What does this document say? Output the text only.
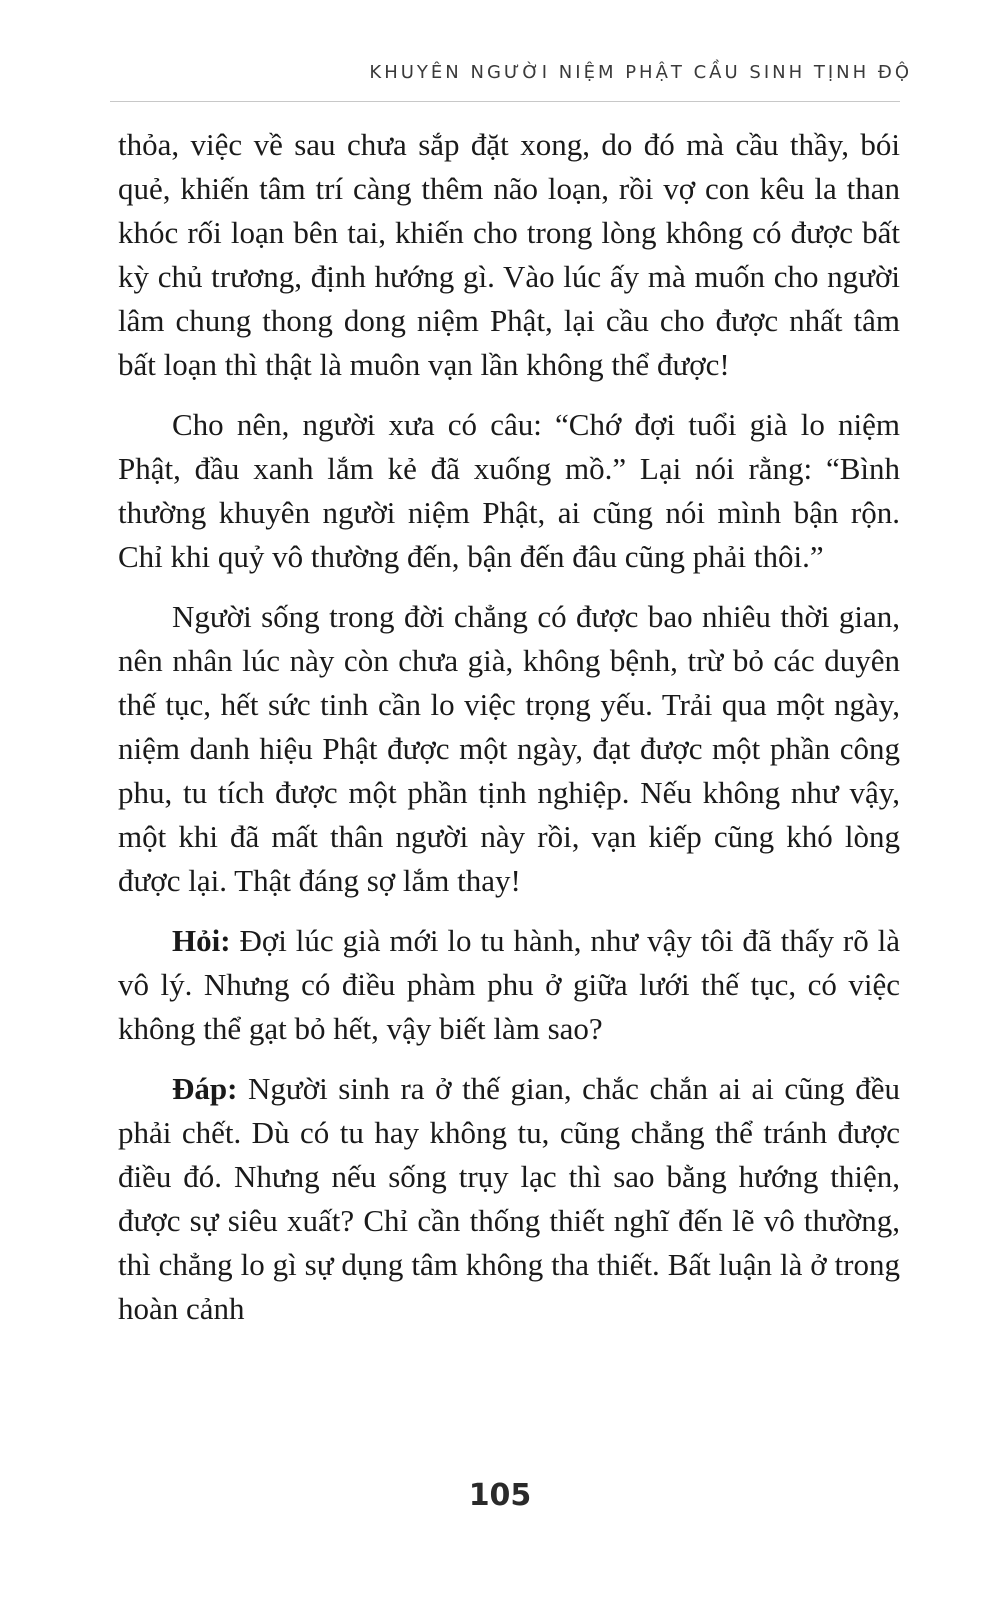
KHUYÊN NGƯỜI NIỆM PHẬT CẦU SINH TỊNH ĐỘ

thỏa, việc về sau chưa sắp đặt xong, do đó mà cầu thầy, bói quẻ, khiến tâm trí càng thêm não loạn, rồi vợ con kêu la than khóc rối loạn bên tai, khiến cho trong lòng không có được bất kỳ chủ trương, định hướng gì. Vào lúc ấy mà muốn cho người lâm chung thong dong niệm Phật, lại cầu cho được nhất tâm bất loạn thì thật là muôn vạn lần không thể được!

Cho nên, người xưa có câu: “Chớ đợi tuổi già lo niệm Phật, đầu xanh lắm kẻ đã xuống mồ.” Lại nói rằng: “Bình thường khuyên người niệm Phật, ai cũng nói mình bận rộn. Chỉ khi quỷ vô thường đến, bận đến đâu cũng phải thôi.”

Người sống trong đời chẳng có được bao nhiêu thời gian, nên nhân lúc này còn chưa già, không bệnh, trừ bỏ các duyên thế tục, hết sức tinh cần lo việc trọng yếu. Trải qua một ngày, niệm danh hiệu Phật được một ngày, đạt được một phần công phu, tu tích được một phần tịnh nghiệp. Nếu không như vậy, một khi đã mất thân người này rồi, vạn kiếp cũng khó lòng được lại. Thật đáng sợ lắm thay!

Hỏi: Đợi lúc già mới lo tu hành, như vậy tôi đã thấy rõ là vô lý. Nhưng có điều phàm phu ở giữa lưới thế tục, có việc không thể gạt bỏ hết, vậy biết làm sao?

Đáp: Người sinh ra ở thế gian, chắc chắn ai ai cũng đều phải chết. Dù có tu hay không tu, cũng chẳng thể tránh được điều đó. Nhưng nếu sống trụy lạc thì sao bằng hướng thiện, được sự siêu xuất? Chỉ cần thống thiết nghĩ đến lẽ vô thường, thì chẳng lo gì sự dụng tâm không tha thiết. Bất luận là ở trong hoàn cảnh

105
